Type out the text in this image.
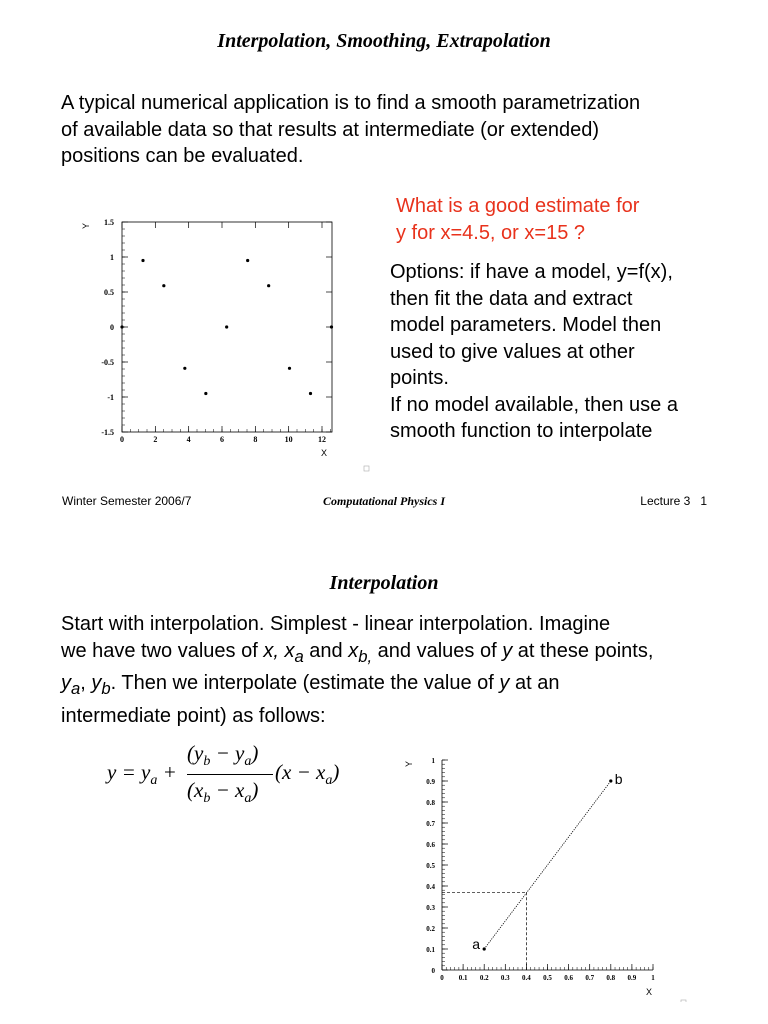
Interpolation, Smoothing, Extrapolation
A typical numerical application is to find a smooth parametrization
of available data so that results at intermediate (or extended)
positions can be evaluated.
What is a good estimate for
y for x=4.5, or x=15 ?
Options: if have a model, y=f(x),
then fit the data and extract
model parameters. Model then
used to give values at other
points.
If no model available, then use a
smooth function to interpolate
-1.5
-1
-0.5
0
0.5
1
1.5
0	2	4	6	8	10	12
X
Y
Winter Semester 2006/7	Computational Physics I	Lecture 3   1
Interpolation
Start with interpolation. Simplest - linear interpolation. Imagine
we have two values of x, $x_a$ and $x_{b,}$ and values of y at these points,
$y_a$, $y_b$. Then we interpolate (estimate the value of y at an
intermediate point) as follows:
$y = y_a$ +
$(y_b - y_a)$
$(x_b - x_a)$
$(x - x_a)$
0
0.1
0.2
0.3
0.4
0.5
0.6
0.7
0.8
0.9
1
0 0.1 0.2 0.3 0.4 0.5 0.6 0.7 0.8 0.9 1
X
Y
a
b
